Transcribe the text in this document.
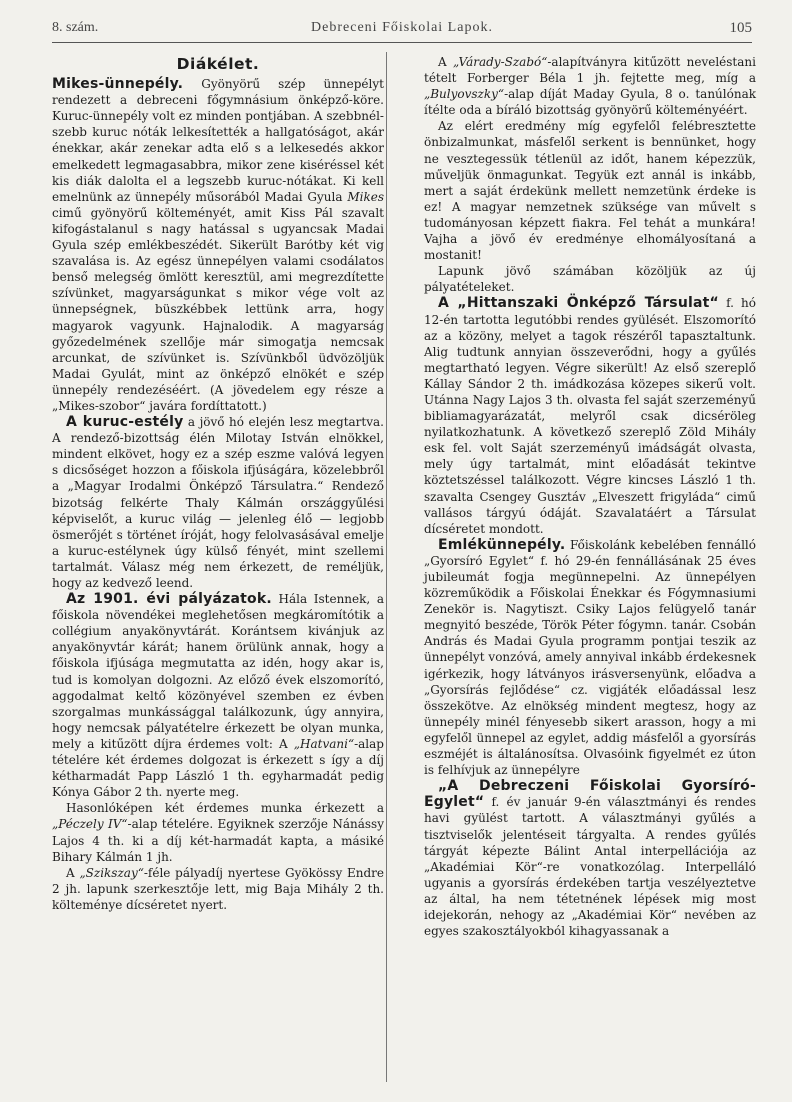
8. szám.	Debreceni Főiskolai Lapok.	105
Diákélet.

Mikes-ünnepély. Gyönyörű szép ünnepélyt rendezett a debreceni főgymnásium önképző-köre. Kuruc-ünnepély volt ez minden pontjában. A szebbnél-szebb kuruc nóták lelkesítették a hallgatóságot, akár énekkar, akár zenekar adta elő s a lelkesedés akkor emelkedett legmagasabbra, mikor zene kiséréssel két kis diák dalolta el a legszebb kuruc-nótákat. Ki kell emelnünk az ünnepély műsorából Madai Gyula Mikes cimű gyönyörű költeményét, amit Kiss Pál szavalt kifogástalanul s nagy hatással s ugyancsak Madai Gyula szép emlékbeszédét. Sikerült Barótby két vig szavalása is. Az egész ünnepélyen valami csodálatos benső melegség ömlött keresztül, ami megrezdítette szívünket, magyarságunkat s mikor vége volt az ünnepségnek, büszkébbek lettünk arra, hogy magyarok vagyunk. Hajnalodik. A magyarság győzedelmének szellője már simogatja nemcsak arcunkat, de szívünket is. Szívünkből üdvözöljük Madai Gyulát, mint az önképző elnökét e szép ünnepély rendezéséért. (A jövedelem egy része a „Mikes-szobor“ javára fordíttatott.)

A kuruc-estély a jövő hó elején lesz megtartva. A rendező-bizottság élén Milotay István elnökkel, mindent elkövet, hogy ez a szép eszme valóvá legyen s dicsőséget hozzon a főiskola ifjúságára, közelebbről a „Magyar Irodalmi Önképző Társulatra.“ Rendező bizotság felkérte Thaly Kálmán országgyűlési képviselőt, a kuruc világ — jelenleg élő — legjobb ösmerőjét s történet íróját, hogy felolvasásával emelje a kuruc-estélynek úgy külső fényét, mint szellemi tartalmát. Válasz még nem érkezett, de reméljük, hogy az kedvező leend.

Az 1901. évi pályázatok. Hála Istennek, a főiskola növendékei meglehetősen megkáromítótik a collégium anyakönyvtárát. Korántsem kivánjuk az anyakönyvtár kárát; hanem örülünk annak, hogy a főiskola ifjúsága megmutatta az idén, hogy akar is, tud is komolyan dolgozni. Az előző évek elszomorító, aggodalmat keltő közönyével szemben ez évben szorgalmas munkássággal találkozunk, úgy annyira, hogy nemcsak pályatételre érkezett be olyan munka, mely a kitűzött díjra érdemes volt: A „Hatvani“-alap tételére két érdemes dolgozat is érkezett s így a díj kétharmadát Papp László 1 th. egyharmadát pedig Kónya Gábor 2 th. nyerte meg.

Hasonlóképen két érdemes munka érkezett a „Péczely IV“-alap tételére. Egyiknek szerzője Nánássy Lajos 4 th. ki a díj két-harmadát kapta, a másiké Bihary Kálmán 1 jh.

A „Szikszay“-féle pályadíj nyertese Gyökössy Endre 2 jh. lapunk szerkesztője lett, mig Baja Mihály 2 th. költeménye dícséretet nyert.

A „Várady-Szabó“-alapítványra kitűzött neveléstani tételt Forberger Béla 1 jh. fejtette meg, míg a „Bulyovszky“-alap díját Maday Gyula, 8 o. tanúlónak ítélte oda a bíráló bizottság gyönyörű költeményéért.

Az elért eredmény míg egyfelől felébresztette önbizalmunkat, másfelől serkent is bennünket, hogy ne vesztegessük tétlenül az időt, hanem képezzük, műveljük önmagunkat. Tegyük ezt annál is inkább, mert a saját érdekünk mellett nemzetünk érdeke is ez! A magyar nemzetnek szüksége van művelt s tudományosan képzett fiakra. Fel tehát a munkára! Vajha a jövő év eredménye elhomályosítaná a mostanit!

Lapunk jövő számában közöljük az új pályatételeket.

A „Hittanszaki Önképző Társulat“ f. hó 12-én tartotta legutóbbi rendes gyülését. Elszomorító az a közöny, melyet a tagok részéről tapasztaltunk. Alig tudtunk annyian összeverődni, hogy a gyűlés megtartható legyen. Végre sikerült! Az első szereplő Kállay Sándor 2 th. imádkozása közepes sikerű volt. Utánna Nagy Lajos 3 th. olvasta fel saját szerzeményű bibliamagyarázatát, melyről csak dicséröleg nyilatkozhatunk. A következő szereplő Zöld Mihály esk fel. volt Saját szerzeményű imádságát olvasta, mely úgy tartalmát, mint előadását tekintve köztetszéssel találkozott. Végre kincses László 1 th. szavalta Csengey Gusztáv „Elveszett frigyláda“ cimű vallásos tárgyú ódáját. Szavalatáért a Társulat dícséretet mondott.

Emlékünnepély. Főiskolánk kebelében fennálló „Gyorsíró Egylet“ f. hó 29-én fennállásának 25 éves jubileumát fogja megünnepelni. Az ünnepélyen közreműködik a Főiskolai Énekkar és Fógymnasiumi Zenekör is. Nagytiszt. Csiky Lajos felügyelő tanár megnyitó beszéde, Török Péter fógymn. tanár. Csobán András és Madai Gyula programm pontjai teszik az ünnepélyt vonzóvá, amely annyival inkább érdekesnek igérkezik, hogy látványos irásversenyünk, előadva a „Gyorsírás fejlődése“ cz. vigjáték előadással lesz összekötve. Az elnökség mindent megtesz, hogy az ünnepély minél fényesebb sikert arasson, hogy a mi egyfelől ünnepel az egylet, addig másfelől a gyorsírás eszméjét is általánosítsa. Olvasóink figyelmét ez úton is felhívjuk az ünnepélyre

„A Debreczeni Főiskolai Gyorsíró-Egylet“ f. év január 9-én választmányi és rendes havi gyülést tartott. A választmányi gyűlés a tisztviselők jelentéseit tárgyalta. A rendes gyűlés tárgyát képezte Bálint Antal interpellációja az „Akadémiai Kör“-re vonatkozólag. Interpelláló ugyanis a gyorsírás érdekében tartja veszélyeztetve az által, ha nem tétetnének lépések mig most idejekorán, nehogy az „Akadémiai Kör“ nevében az egyes szakosztályokból kihagyassanak a
